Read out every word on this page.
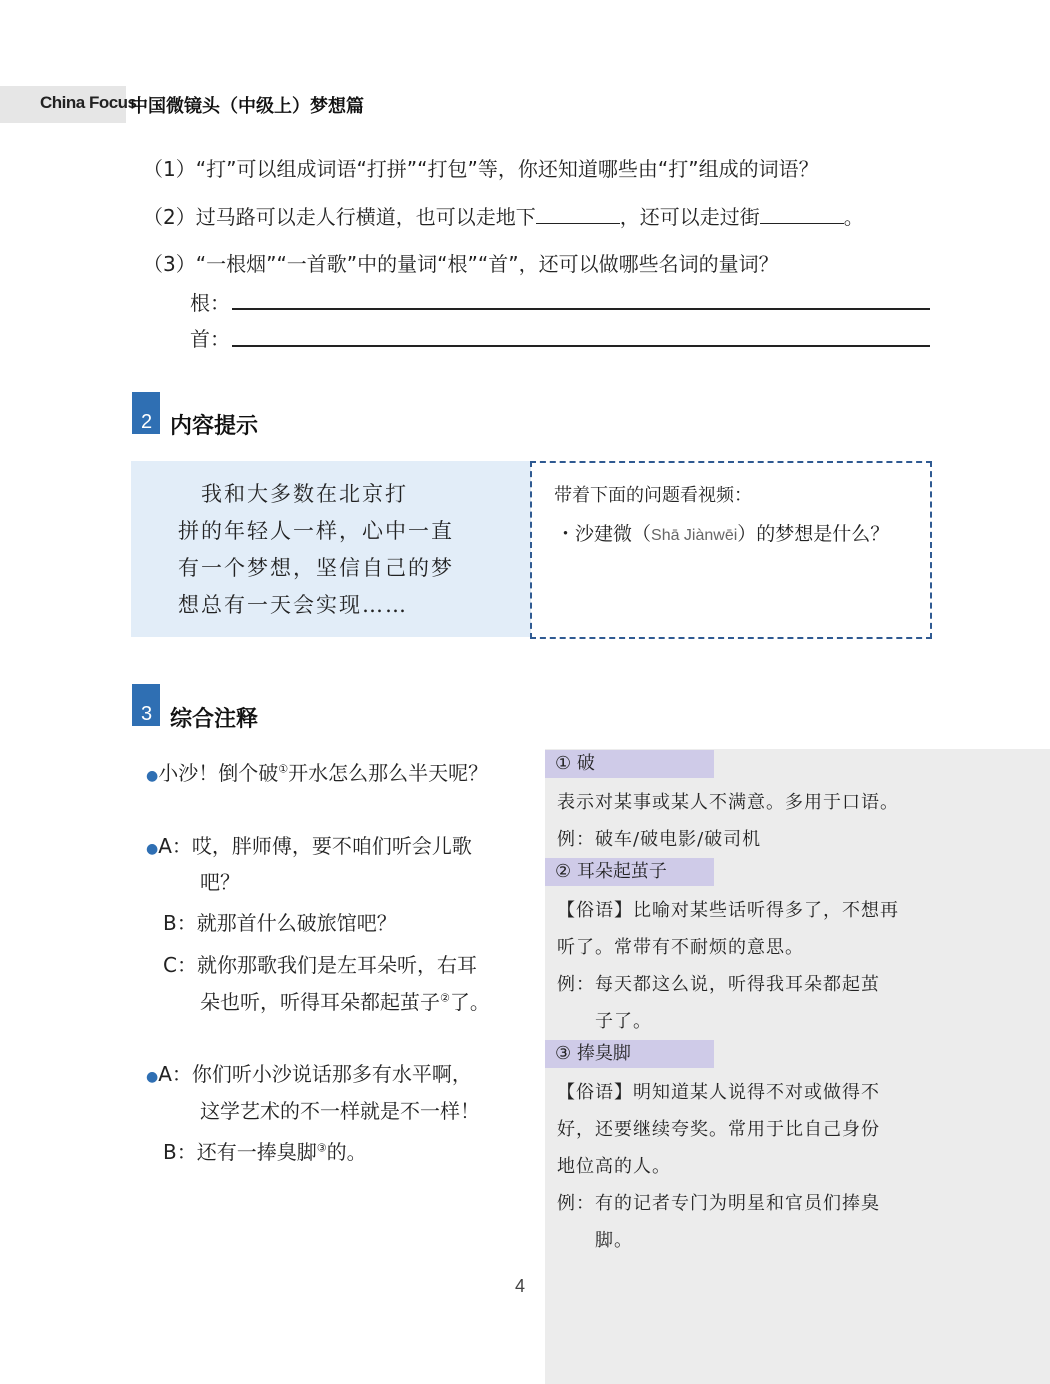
China Focus
中国微镜头（中级上）梦想篇
（1）“打”可以组成词语“打拼”“打包”等，你还知道哪些由“打”组成的词语？
（2）过马路可以走人行横道，也可以走地下	，还可以走过街	。
（3）“一根烟”“一首歌”中的量词“根”“首”，还可以做哪些名词的量词？
根：
首：
2 内容提示
　我和大多数在北京打
拼的年轻人一样，心中一直
有一个梦想，坚信自己的梦
想总有一天会实现……
带着下面的问题看视频：
・沙建微（Shā Jiànwēi）的梦想是什么？
3 综合注释
●小沙！倒个破①开水怎么那么半天呢？
●A：哎，胖师傅，要不咱们听会儿歌
吧？
B：就那首什么破旅馆吧？
C：就你那歌我们是左耳朵听，右耳
朵也听，听得耳朵都起茧子②了。
●A：你们听小沙说话那多有水平啊，
这学艺术的不一样就是不一样！
B：还有一捧臭脚③的。
① 破
表示对某事或某人不满意。多用于口语。
例：破车/破电影/破司机
② 耳朵起茧子
【俗语】比喻对某些话听得多了，不想再
听了。常带有不耐烦的意思。
例：每天都这么说，听得我耳朵都起茧
　　子了。
③ 捧臭脚
【俗语】明知道某人说得不对或做得不
好，还要继续夸奖。常用于比自己身份
地位高的人。
例：有的记者专门为明星和官员们捧臭
　　脚。
4
